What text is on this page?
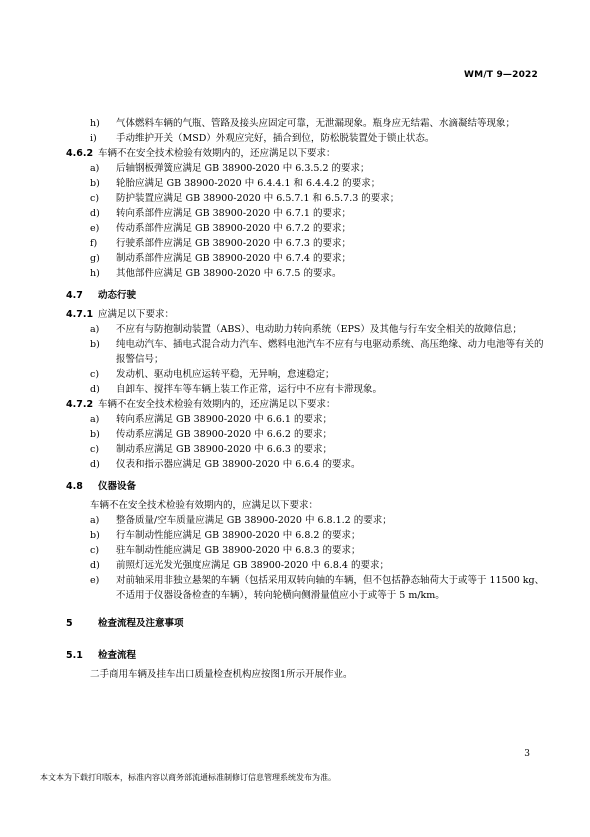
WM/T 9—2022
h)	气体燃料车辆的气瓶、管路及接头应固定可靠，无泄漏现象。瓶身应无结霜、水滴凝结等现象；
i)	手动维护开关（MSD）外观应完好，插合到位，防松脱装置处于锁止状态。
4.6.2 车辆不在安全技术检验有效期内的，还应满足以下要求：
a)	后轴钢板弹簧应满足 GB 38900-2020 中 6.3.5.2 的要求；
b)	轮胎应满足 GB 38900-2020 中 6.4.4.1 和 6.4.4.2 的要求；
c)	防护装置应满足 GB 38900-2020 中 6.5.7.1 和 6.5.7.3 的要求；
d)	转向系部件应满足 GB 38900-2020 中 6.7.1 的要求；
e)	传动系部件应满足 GB 38900-2020 中 6.7.2 的要求；
f)	行驶系部件应满足 GB 38900-2020 中 6.7.3 的要求；
g)	制动系部件应满足 GB 38900-2020 中 6.7.4 的要求；
h)	其他部件应满足 GB 38900-2020 中 6.7.5 的要求。
4.7	动态行驶
4.7.1 应满足以下要求：
a)	不应有与防抱制动装置（ABS）、电动助力转向系统（EPS）及其他与行车安全相关的故障信息；
b)	纯电动汽车、插电式混合动力汽车、燃料电池汽车不应有与电驱动系统、高压绝缘、动力电池等有关的报警信号；
c)	发动机、驱动电机应运转平稳，无异响，怠速稳定；
d)	自卸车、搅拌车等车辆上装工作正常，运行中不应有卡滞现象。
4.7.2 车辆不在安全技术检验有效期内的，还应满足以下要求：
a)	转向系应满足 GB 38900-2020 中 6.6.1 的要求；
b)	传动系应满足 GB 38900-2020 中 6.6.2 的要求；
c)	制动系应满足 GB 38900-2020 中 6.6.3 的要求；
d)	仪表和指示器应满足 GB 38900-2020 中 6.6.4 的要求。
4.8	仪器设备
车辆不在安全技术检验有效期内的，应满足以下要求：
a)	整备质量/空车质量应满足 GB 38900-2020 中 6.8.1.2 的要求；
b)	行车制动性能应满足 GB 38900-2020 中 6.8.2 的要求；
c)	驻车制动性能应满足 GB 38900-2020 中 6.8.3 的要求；
d)	前照灯远光发光强度应满足 GB 38900-2020 中 6.8.4 的要求；
e)	对前轴采用非独立悬架的车辆（包括采用双转向轴的车辆，但不包括静态轴荷大于或等于 11500 kg、不适用于仪器设备检查的车辆），转向轮横向侧滑量值应小于或等于 5 m/km。
5	检查流程及注意事项
5.1	检查流程
二手商用车辆及挂车出口质量检查机构应按图1所示开展作业。
3
本文本为下载打印版本，标准内容以商务部流通标准制修订信息管理系统发布为准。
